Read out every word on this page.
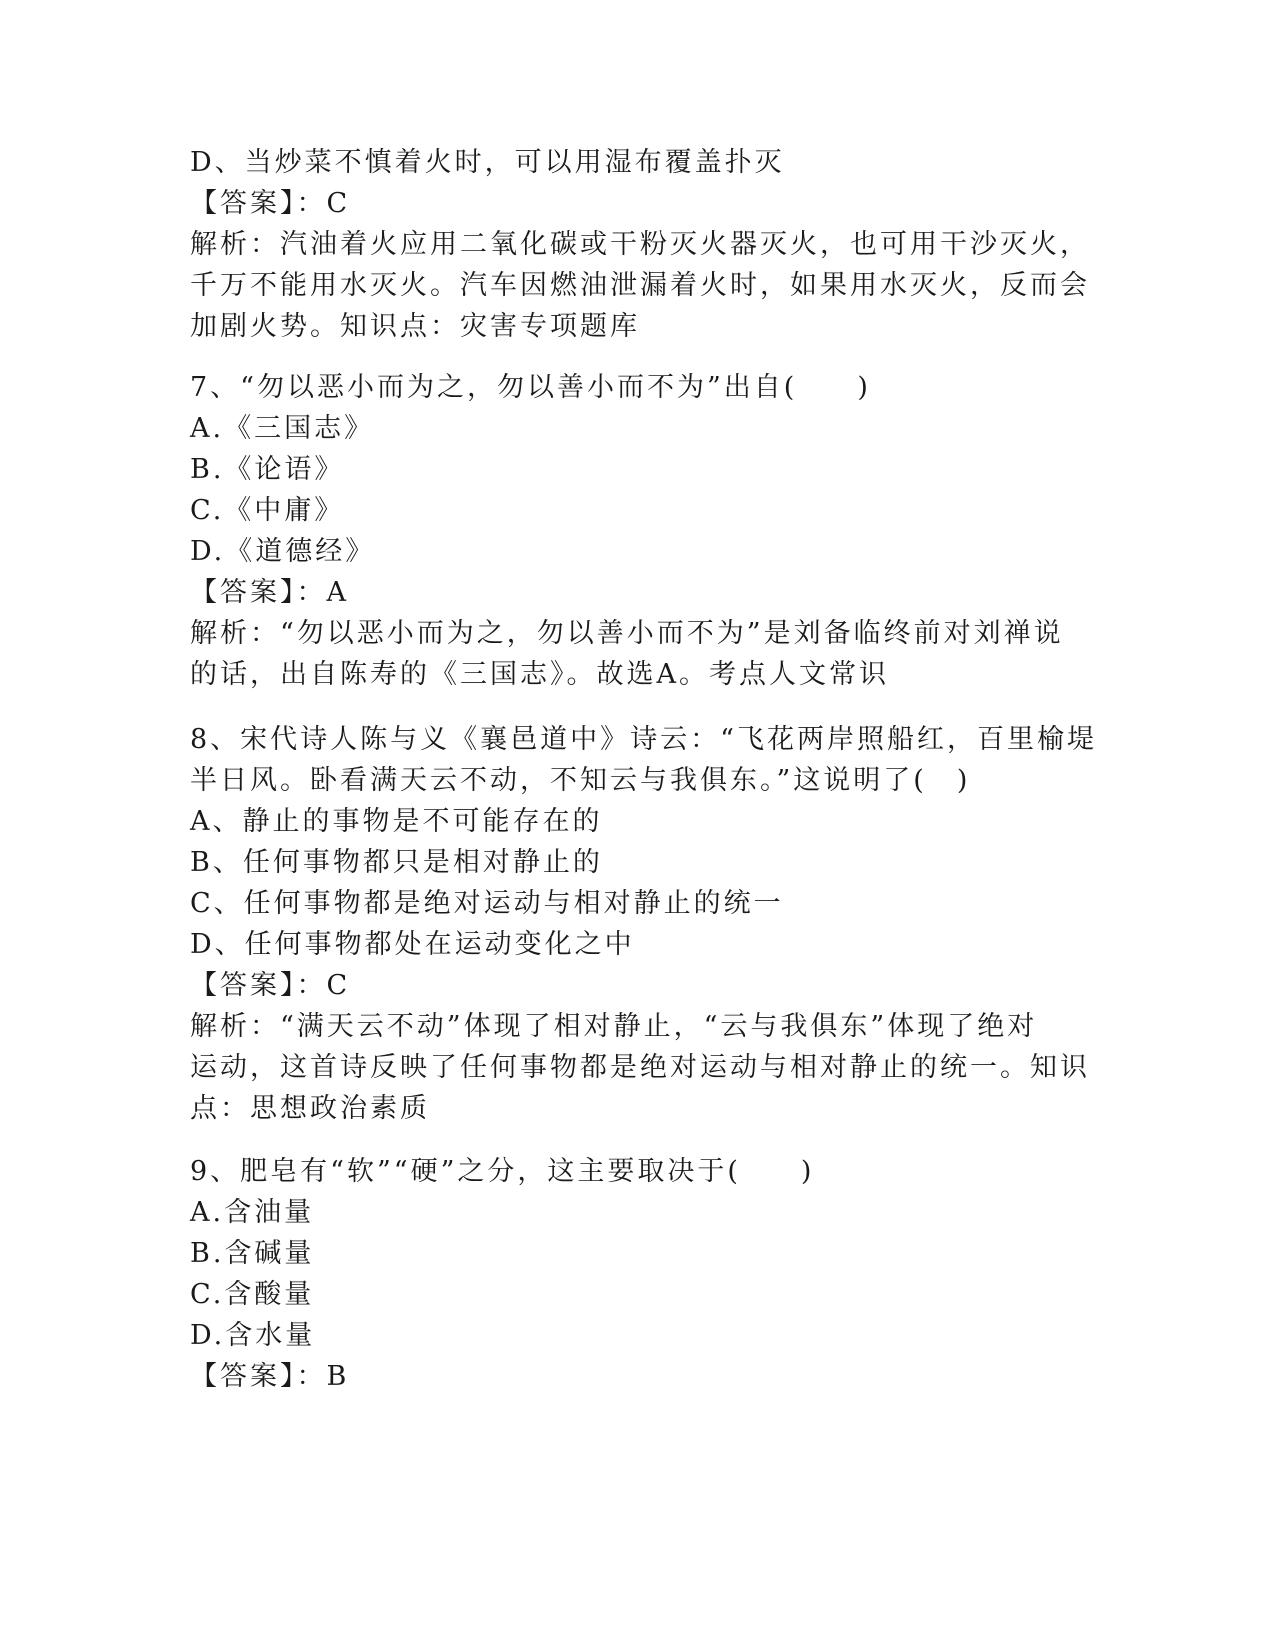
D、当炒菜不慎着火时，可以用湿布覆盖扑灭
【答案】：C
解析：汽油着火应用二氧化碳或干粉灭火器灭火，也可用干沙灭火，
千万不能用水灭火。汽车因燃油泄漏着火时，如果用水灭火，反而会
加剧火势。知识点：灾害专项题库
7、“勿以恶小而为之，勿以善小而不为”出自(　　)
A.《三国志》
B.《论语》
C.《中庸》
D.《道德经》
【答案】：A
解析：“勿以恶小而为之，勿以善小而不为”是刘备临终前对刘禅说
的话，出自陈寿的《三国志》。故选A。考点人文常识
8、宋代诗人陈与义《襄邑道中》诗云：“飞花两岸照船红，百里榆堤
半日风。卧看满天云不动，不知云与我俱东。”这说明了(　)
A、静止的事物是不可能存在的
B、任何事物都只是相对静止的
C、任何事物都是绝对运动与相对静止的统一
D、任何事物都处在运动变化之中
【答案】：C
解析：“满天云不动”体现了相对静止，“云与我俱东”体现了绝对
运动，这首诗反映了任何事物都是绝对运动与相对静止的统一。知识
点：思想政治素质
9、肥皂有“软”“硬”之分，这主要取决于(　　)
A.含油量
B.含碱量
C.含酸量
D.含水量
【答案】：B
